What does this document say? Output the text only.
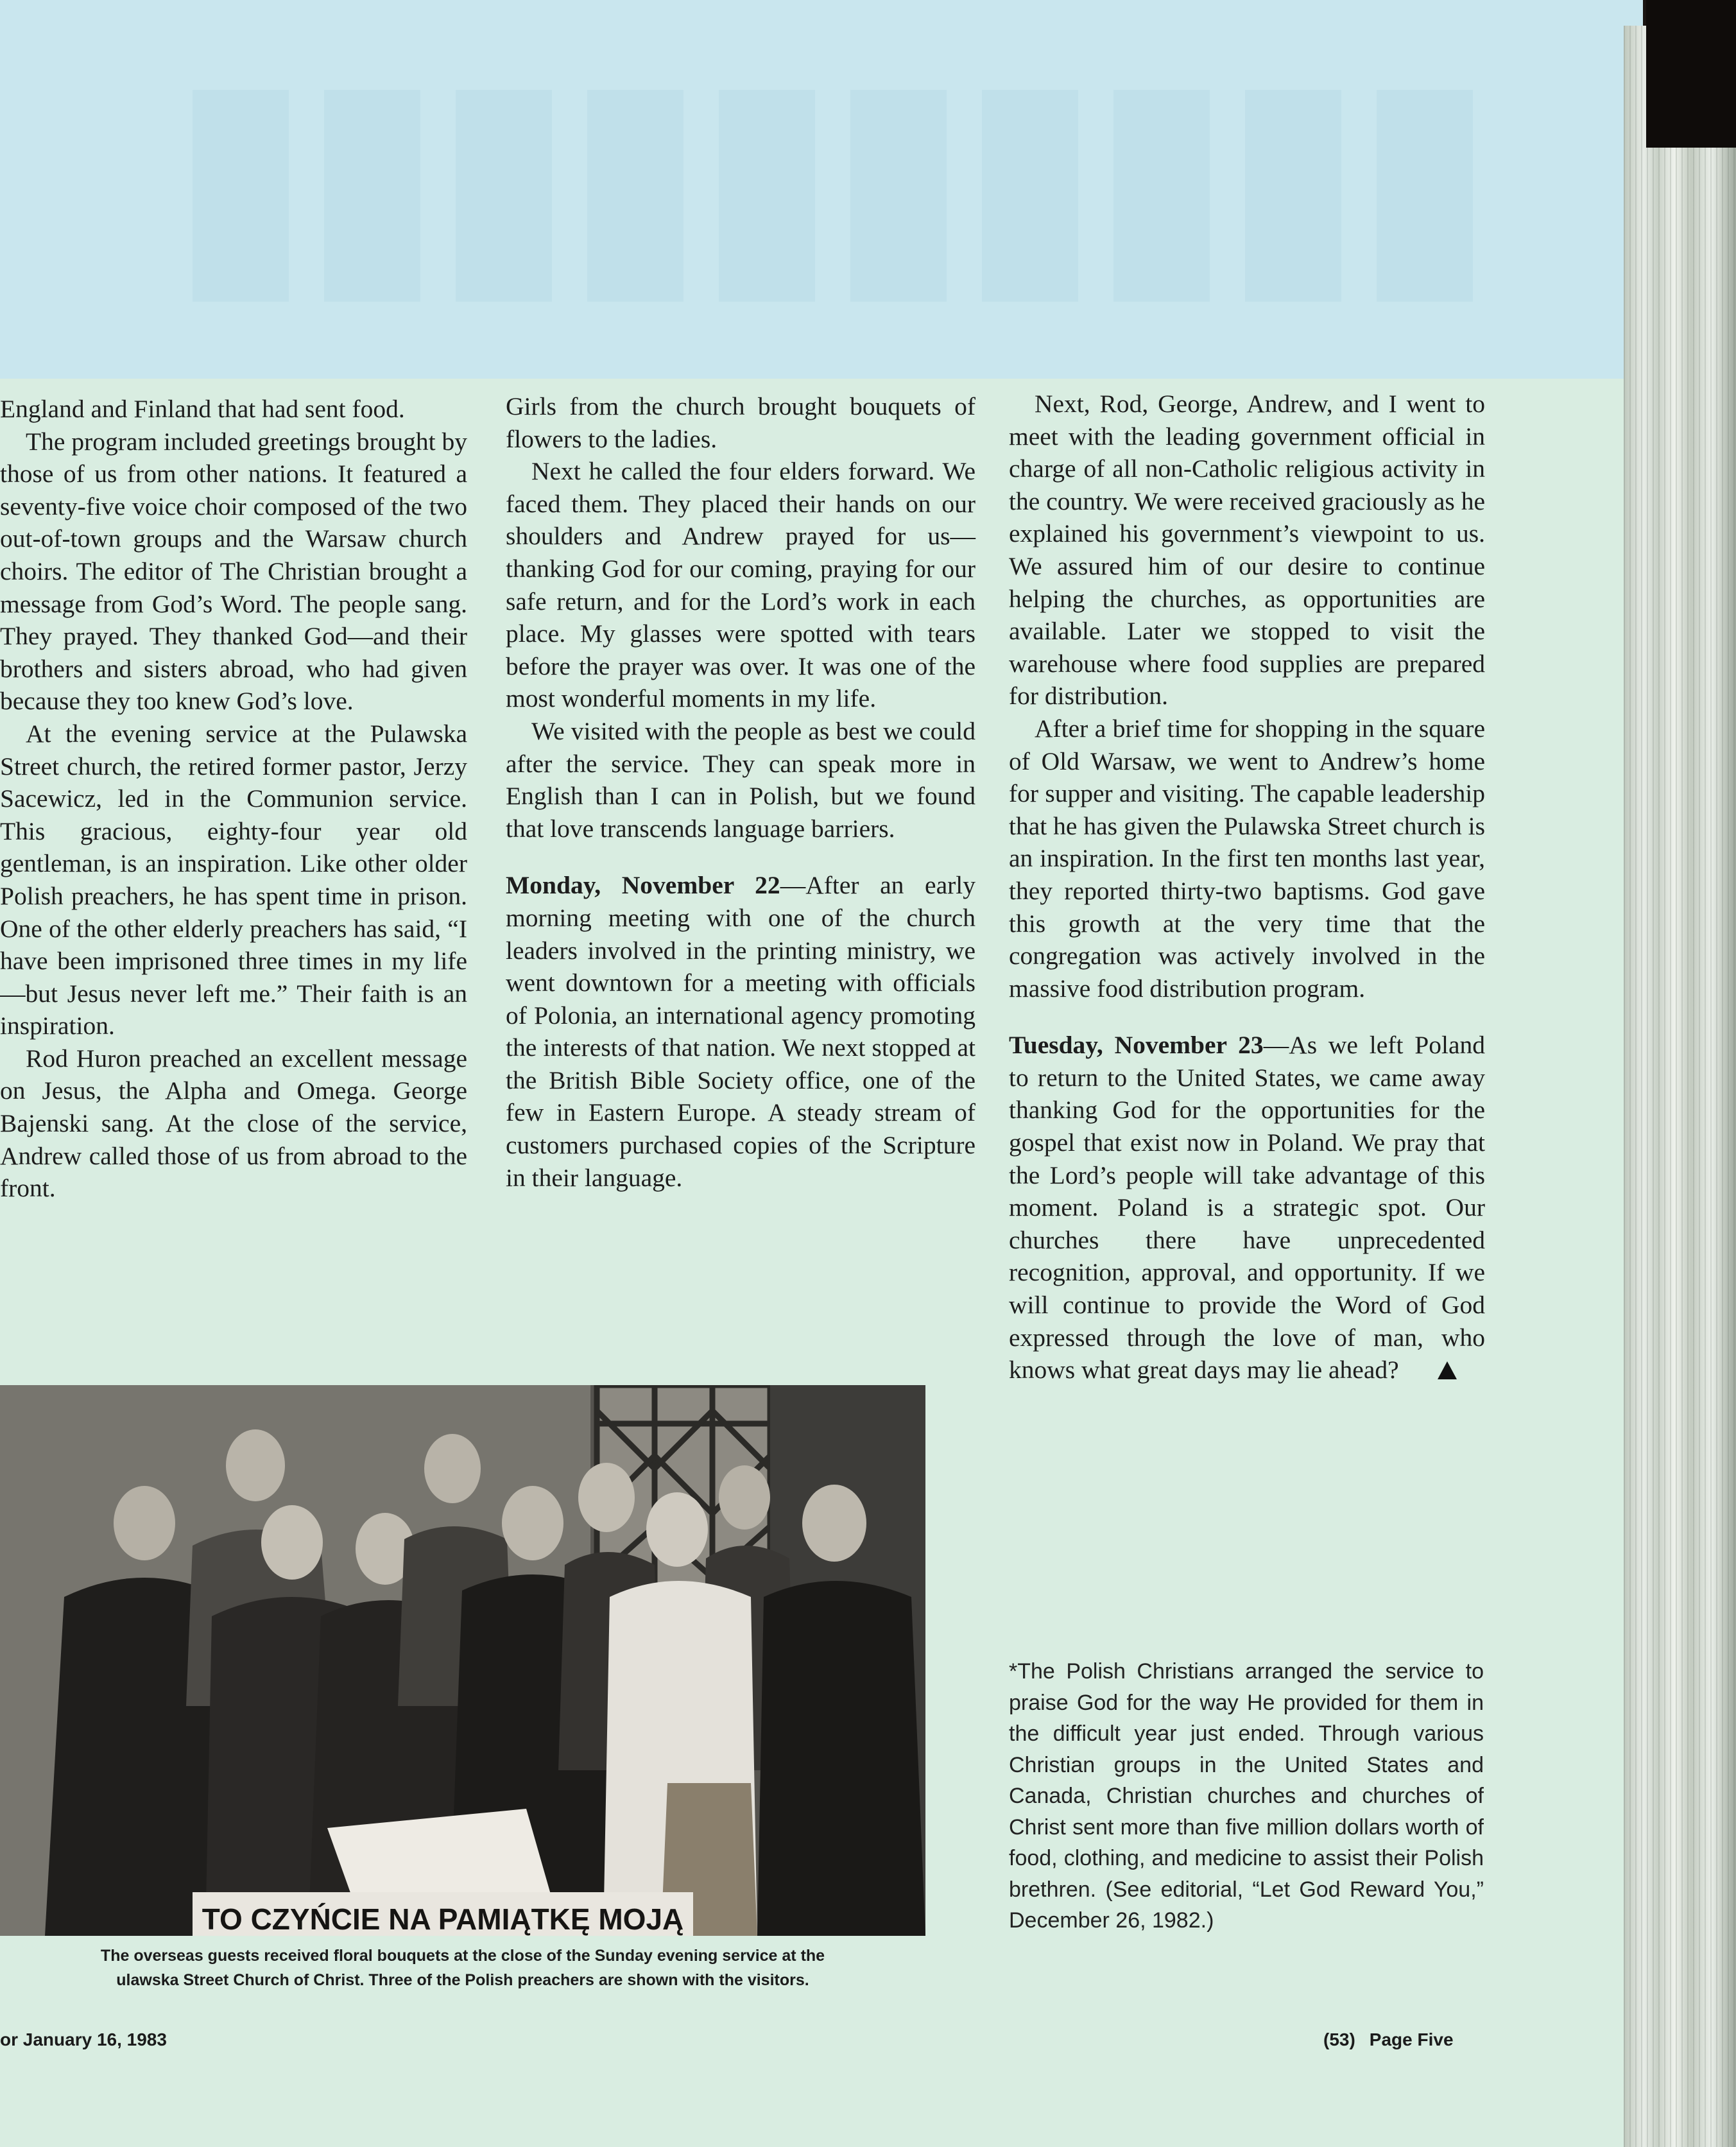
England and Finland that had sent food.

The program included greetings brought by those of us from other nations. It featured a seventy-five voice choir composed of the two out-of-town groups and the Warsaw church choirs. The editor of The Christian brought a message from God’s Word. The people sang. They prayed. They thanked God—and their brothers and sisters abroad, who had given because they too knew God’s love.

At the evening service at the Pulawska Street church, the retired former pastor, Jerzy Sacewicz, led in the Communion service. This gracious, eighty-four year old gentleman, is an inspiration. Like other older Polish preachers, he has spent time in prison. One of the other elderly preachers has said, “I have been imprisoned three times in my life—but Jesus never left me.” Their faith is an inspiration.

Rod Huron preached an excellent message on Jesus, the Alpha and Omega. George Bajenski sang. At the close of the service, Andrew called those of us from abroad to the front.

Girls from the church brought bouquets of flowers to the ladies.

Next he called the four elders forward. We faced them. They placed their hands on our shoulders and Andrew prayed for us—thanking God for our coming, praying for our safe return, and for the Lord’s work in each place. My glasses were spotted with tears before the prayer was over. It was one of the most wonderful moments in my life.

We visited with the people as best we could after the service. They can speak more in English than I can in Polish, but we found that love transcends language barriers.

Monday, November 22—After an early morning meeting with one of the church leaders involved in the printing ministry, we went downtown for a meeting with officials of Polonia, an international agency promoting the interests of that nation. We next stopped at the British Bible Society office, one of the few in Eastern Europe. A steady stream of customers purchased copies of the Scripture in their language.

Next, Rod, George, Andrew, and I went to meet with the leading government official in charge of all non-Catholic religious activity in the country. We were received graciously as he explained his government’s viewpoint to us. We assured him of our desire to continue helping the churches, as opportunities are available. Later we stopped to visit the warehouse where food supplies are prepared for distribution.

After a brief time for shopping in the square of Old Warsaw, we went to Andrew’s home for supper and visiting. The capable leadership that he has given the Pulawska Street church is an inspiration. In the first ten months last year, they reported thirty-two baptisms. God gave this growth at the very time that the congregation was actively involved in the massive food distribution program.

Tuesday, November 23—As we left Poland to return to the United States, we came away thanking God for the opportunities for the gospel that exist now in Poland. We pray that the Lord’s people will take advantage of this moment. Poland is a strategic spot. Our churches there have unprecedented recognition, approval, and opportunity. If we will continue to provide the Word of God expressed through the love of man, who knows what great days may lie ahead?

*The Polish Christians arranged the service to praise God for the way He provided for them in the difficult year just ended. Through various Christian groups in the United States and Canada, Christian churches and churches of Christ sent more than five million dollars worth of food, clothing, and medicine to assist their Polish brethren. (See editorial, “Let God Reward You,” December 26, 1982.)

TO CZYŃCIE NA PAMIĄTKĘ MOJĄ

The overseas guests received floral bouquets at the close of the Sunday evening service at the

ulawska Street Church of Christ. Three of the Polish preachers are shown with the visitors.

or January 16, 1983	(53) Page Five
